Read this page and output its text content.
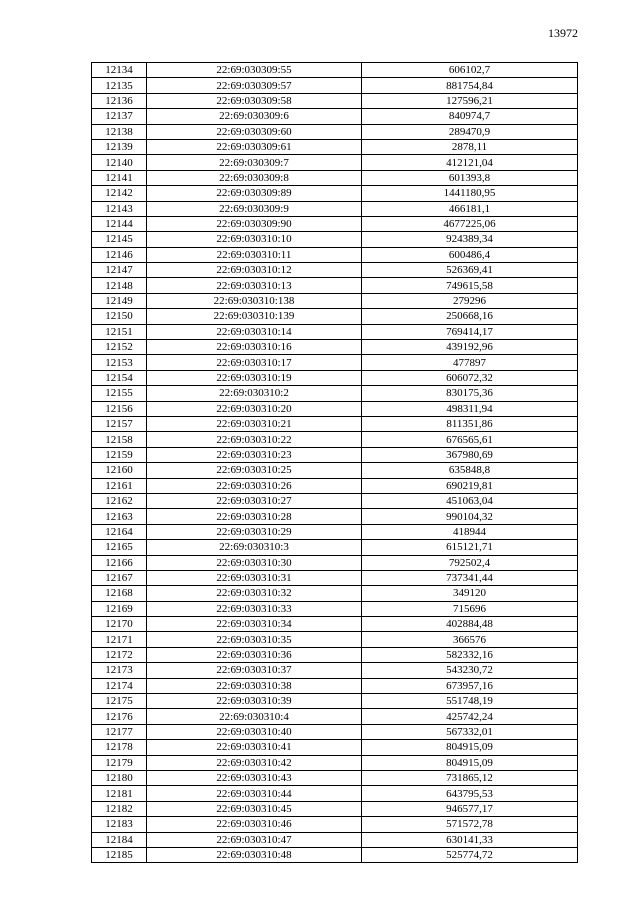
13972
12134	22:69:030309:55	606102,7
12135	22:69:030309:57	881754,84
12136	22:69:030309:58	127596,21
12137	22:69:030309:6	840974,7
12138	22:69:030309:60	289470,9
12139	22:69:030309:61	2878,11
12140	22:69:030309:7	412121,04
12141	22:69:030309:8	601393,8
12142	22:69:030309:89	1441180,95
12143	22:69:030309:9	466181,1
12144	22:69:030309:90	4677225,06
12145	22:69:030310:10	924389,34
12146	22:69:030310:11	600486,4
12147	22:69:030310:12	526369,41
12148	22:69:030310:13	749615,58
12149	22:69:030310:138	279296
12150	22:69:030310:139	250668,16
12151	22:69:030310:14	769414,17
12152	22:69:030310:16	439192,96
12153	22:69:030310:17	477897
12154	22:69:030310:19	606072,32
12155	22:69:030310:2	830175,36
12156	22:69:030310:20	498311,94
12157	22:69:030310:21	811351,86
12158	22:69:030310:22	676565,61
12159	22:69:030310:23	367980,69
12160	22:69:030310:25	635848,8
12161	22:69:030310:26	690219,81
12162	22:69:030310:27	451063,04
12163	22:69:030310:28	990104,32
12164	22:69:030310:29	418944
12165	22:69:030310:3	615121,71
12166	22:69:030310:30	792502,4
12167	22:69:030310:31	737341,44
12168	22:69:030310:32	349120
12169	22:69:030310:33	715696
12170	22:69:030310:34	402884,48
12171	22:69:030310:35	366576
12172	22:69:030310:36	582332,16
12173	22:69:030310:37	543230,72
12174	22:69:030310:38	673957,16
12175	22:69:030310:39	551748,19
12176	22:69:030310:4	425742,24
12177	22:69:030310:40	567332,01
12178	22:69:030310:41	804915,09
12179	22:69:030310:42	804915,09
12180	22:69:030310:43	731865,12
12181	22:69:030310:44	643795,53
12182	22:69:030310:45	946577,17
12183	22:69:030310:46	571572,78
12184	22:69:030310:47	630141,33
12185	22:69:030310:48	525774,72
